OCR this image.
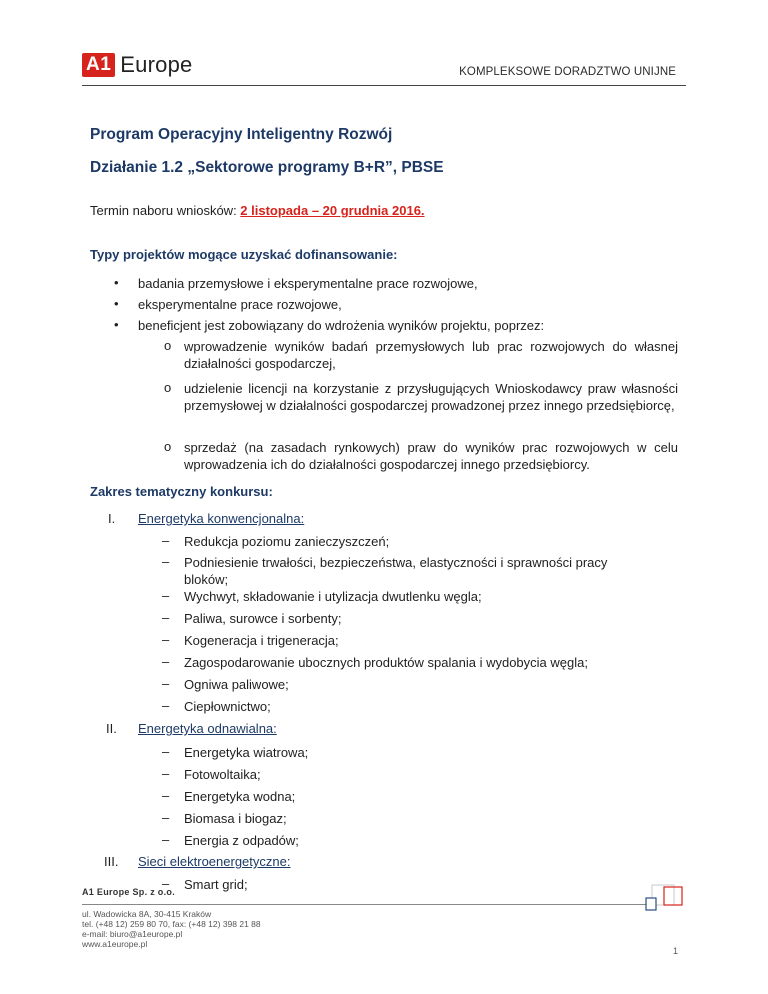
A1 Europe	KOMPLEKSOWE DORADZTWO UNIJNE
Program Operacyjny Inteligentny Rozwój
Działanie 1.2 „Sektorowe programy B+R”, PBSE
Termin naboru wniosków: 2 listopada – 20 grudnia 2016.
Typy projektów mogące uzyskać dofinansowanie:
• badania przemysłowe i eksperymentalne prace rozwojowe,
• eksperymentalne prace rozwojowe,
• beneficjent jest zobowiązany do wdrożenia wyników projektu, poprzez:
o wprowadzenie wyników badań przemysłowych lub prac rozwojowych do własnej działalności gospodarczej,
o udzielenie licencji na korzystanie z przysługujących Wnioskodawcy praw własności przemysłowej w działalności gospodarczej prowadzonej przez innego przedsiębiorcę,
o sprzedaż (na zasadach rynkowych) praw do wyników prac rozwojowych w celu wprowadzenia ich do działalności gospodarczej innego przedsiębiorcy.
Zakres tematyczny konkursu:
I. Energetyka konwencjonalna:
– Redukcja poziomu zanieczyszczeń;
– Podniesienie trwałości, bezpieczeństwa, elastyczności i sprawności pracy bloków;
– Wychwyt, składowanie i utylizacja dwutlenku węgla;
– Paliwa, surowce i sorbenty;
– Kogeneracja i trigeneracja;
– Zagospodarowanie ubocznych produktów spalania i wydobycia węgla;
– Ogniwa paliwowe;
– Ciepłownictwo;
II. Energetyka odnawialna:
– Energetyka wiatrowa;
– Fotowoltaika;
– Energetyka wodna;
– Biomasa i biogaz;
– Energia z odpadów;
III. Sieci elektroenergetyczne:
– Smart grid;
A1 Europe Sp. z o.o.
ul. Wadowicka 8A, 30-415 Kraków
tel. (+48 12) 259 80 70, fax: (+48 12) 398 21 88
e-mail: biuro@a1europe.pl
www.a1europe.pl
1
